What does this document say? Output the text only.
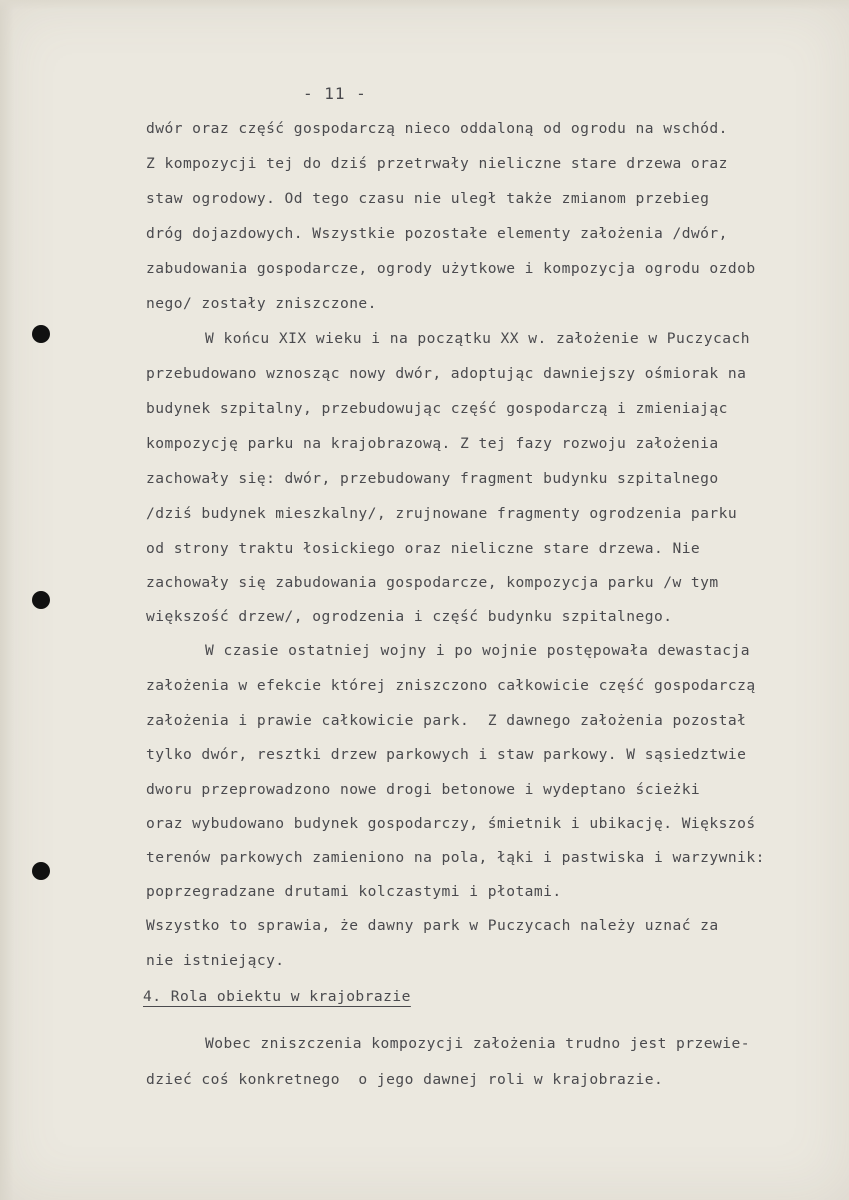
- 11 -
dwór oraz część gospodarczą nieco oddaloną od ogrodu na wschód.
Z kompozycji tej do dziś przetrwały nieliczne stare drzewa oraz
staw ogrodowy. Od tego czasu nie uległ także zmianom przebieg
dróg dojazdowych. Wszystkie pozostałe elementy założenia /dwór,
zabudowania gospodarcze, ogrody użytkowe i kompozycja ogrodu ozdob
nego/ zostały zniszczone.
W końcu XIX wieku i na początku XX w. założenie w Puczycach
przebudowano wznosząc nowy dwór, adoptując dawniejszy ośmiorak na
budynek szpitalny, przebudowując część gospodarczą i zmieniając
kompozycję parku na krajobrazową. Z tej fazy rozwoju założenia
zachowały się: dwór, przebudowany fragment budynku szpitalnego
/dziś budynek mieszkalny/, zrujnowane fragmenty ogrodzenia parku
od strony traktu łosickiego oraz nieliczne stare drzewa. Nie
zachowały się zabudowania gospodarcze, kompozycja parku /w tym
większość drzew/, ogrodzenia i część budynku szpitalnego.
W czasie ostatniej wojny i po wojnie postępowała dewastacja
założenia w efekcie której zniszczono całkowicie część gospodarczą
założenia i prawie całkowicie park.  Z dawnego założenia pozostał
tylko dwór, resztki drzew parkowych i staw parkowy. W sąsiedztwie
dworu przeprowadzono nowe drogi betonowe i wydeptano ścieżki
oraz wybudowano budynek gospodarczy, śmietnik i ubikację. Większoś
terenów parkowych zamieniono na pola, łąki i pastwiska i warzywnik:
poprzegradzane drutami kolczastymi i płotami.
Wszystko to sprawia, że dawny park w Puczycach należy uznać za
nie istniejący.
4. Rola obiektu w krajobrazie
Wobec zniszczenia kompozycji założenia trudno jest przewie-
dzieć coś konkretnego  o jego dawnej roli w krajobrazie.
